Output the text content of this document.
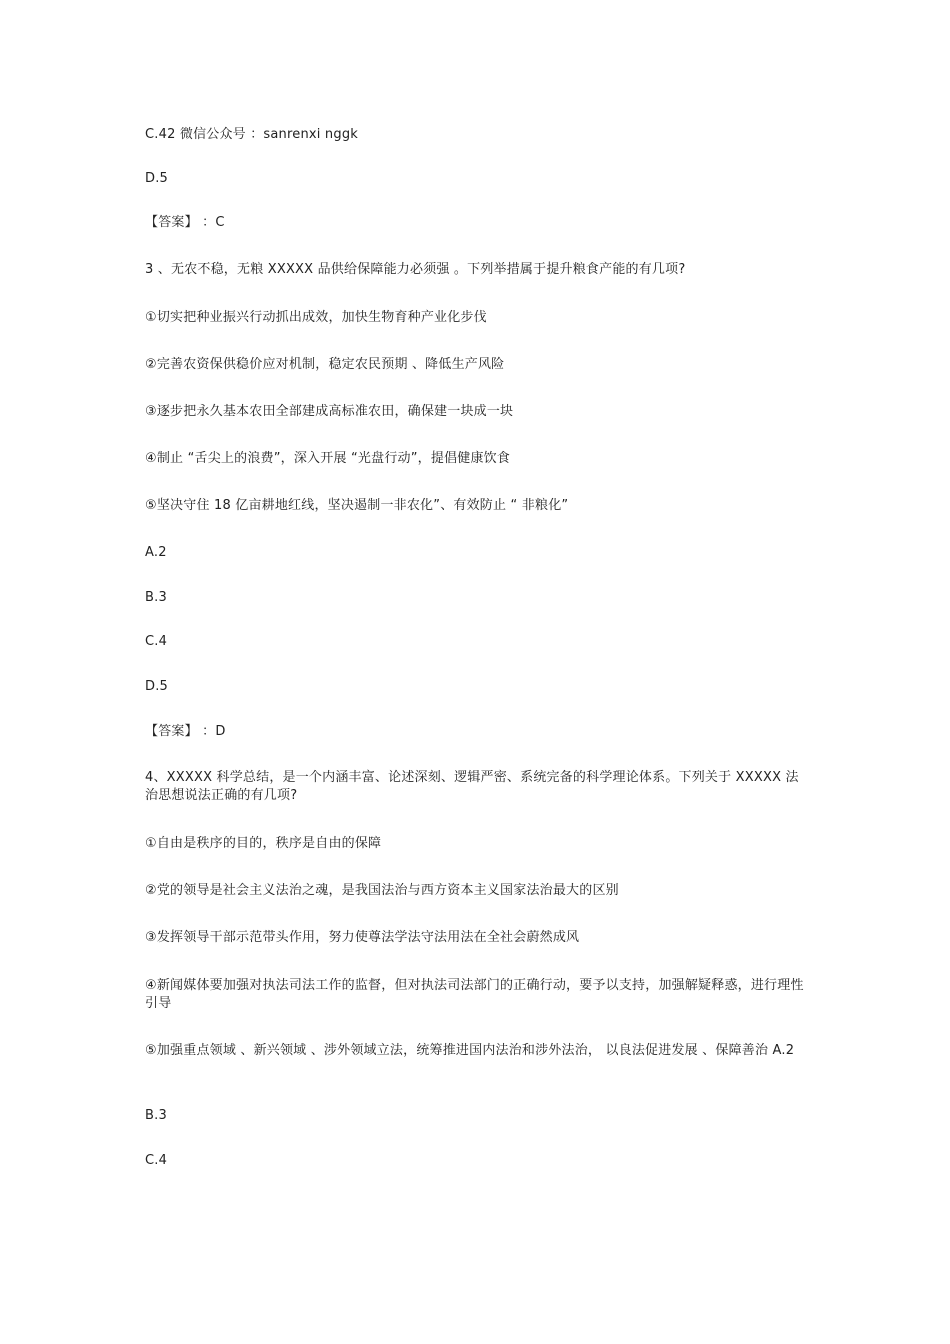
C.42 微信公众号 ：sanrenxi nggk
D.5
【答案】 ：C
3 、无农不稳，无粮 XXXXX 品供给保障能力必须强 。下列举措属于提升粮食产能的有几项?
①切实把种业振兴行动抓出成效，加快生物育种产业化步伐
②完善农资保供稳价应对机制，稳定农民预期 、降低生产风险
③逐步把永久基本农田全部建成高标准农田，确保建一块成一块
④制止 “舌尖上的浪费”，深入开展 “光盘行动”，提倡健康饮食
⑤坚决守住 18 亿亩耕地红线，坚决遏制一非农化”、有效防止 “ 非粮化”
A.2
B.3
C.4
D.5
【答案】 ：D
4、XXXXX 科学总结，是一个内涵丰富、论述深刻、逻辑严密、系统完备的科学理论体系。下列关于 XXXXX 法治思想说法正确的有几项?
①自由是秩序的目的，秩序是自由的保障
②党的领导是社会主义法治之魂，是我国法治与西方资本主义国家法治最大的区别
③发挥领导干部示范带头作用，努力使尊法学法守法用法在全社会蔚然成风
④新闻媒体要加强对执法司法工作的监督，但对执法司法部门的正确行动，要予以支持，加强解疑释惑，进行理性引导
⑤加强重点领域 、新兴领域 、涉外领域立法，统筹推进国内法治和涉外法治， 以良法促进发展 、保障善治 A.2
B.3
C.4
